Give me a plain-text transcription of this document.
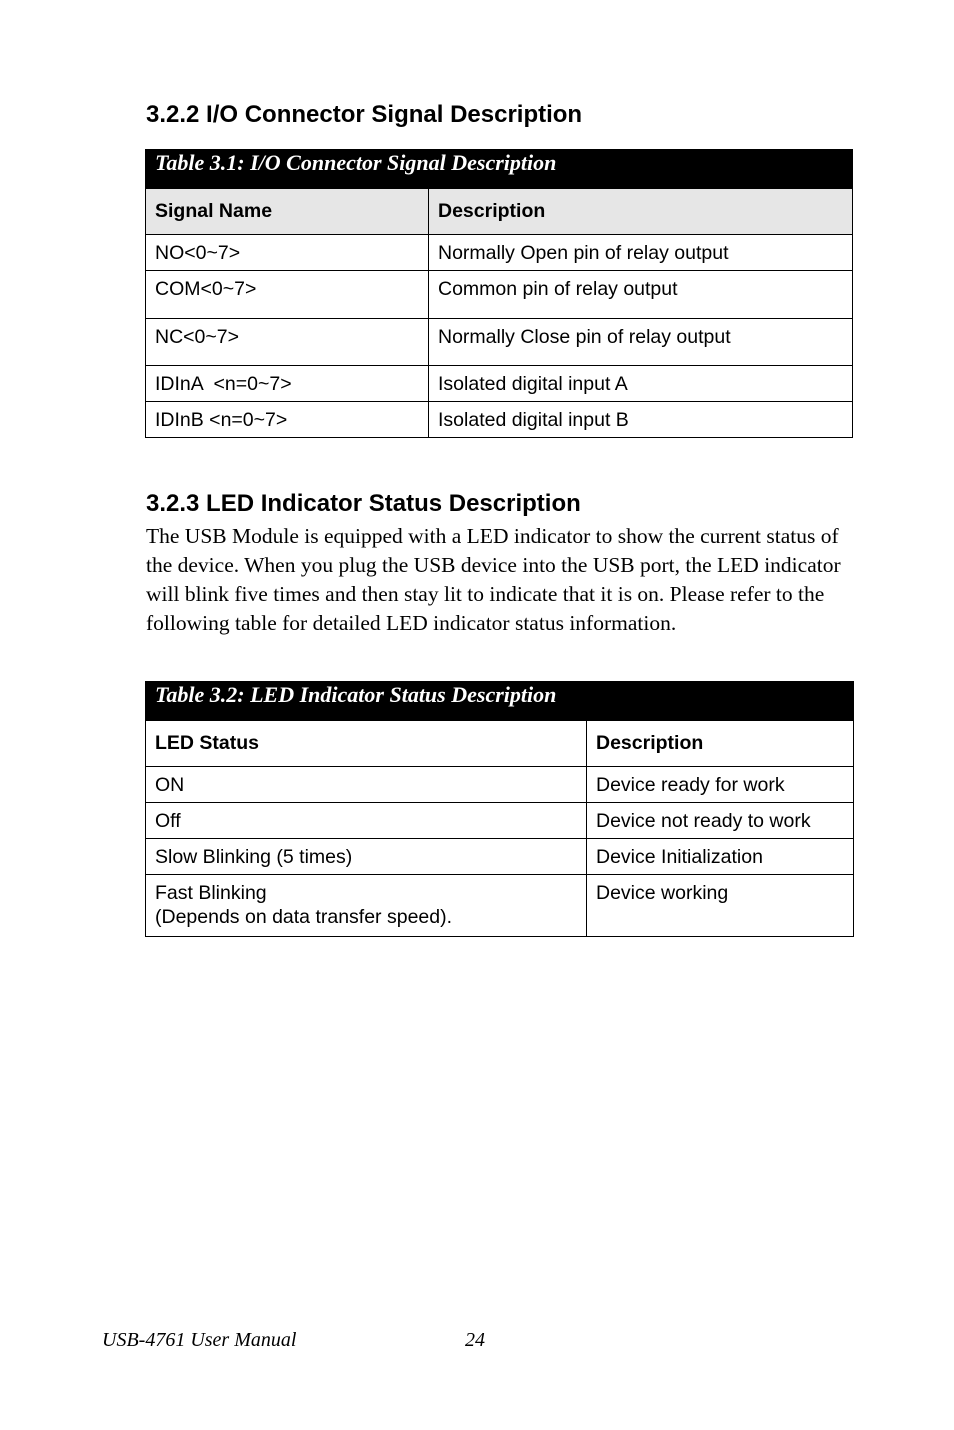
3.2.2 I/O Connector Signal Description
Table 3.1: I/O Connector Signal Description	
Signal Name	Description
NO<0~7>	Normally Open pin of relay output
COM<0~7>	Common pin of relay output
NC<0~7>	Normally Close pin of relay output
IDInA  <n=0~7>	Isolated digital input A
IDInB <n=0~7>	Isolated digital input B
3.2.3 LED Indicator Status Description

The USB Module is equipped with a LED indicator to show the current status of the device. When you plug the USB device into the USB port, the LED indicator will blink five times and then stay lit to indicate that it is on. Please refer to the following table for detailed LED indicator status information.

Table 3.2: LED Indicator Status Description	
LED Status	Description
ON	Device ready for work
Off	Device not ready to work
Slow Blinking (5 times)	Device Initialization

Fast Blinking
(Depends on data transfer speed).	Device working
USB-4761 User Manual	24
